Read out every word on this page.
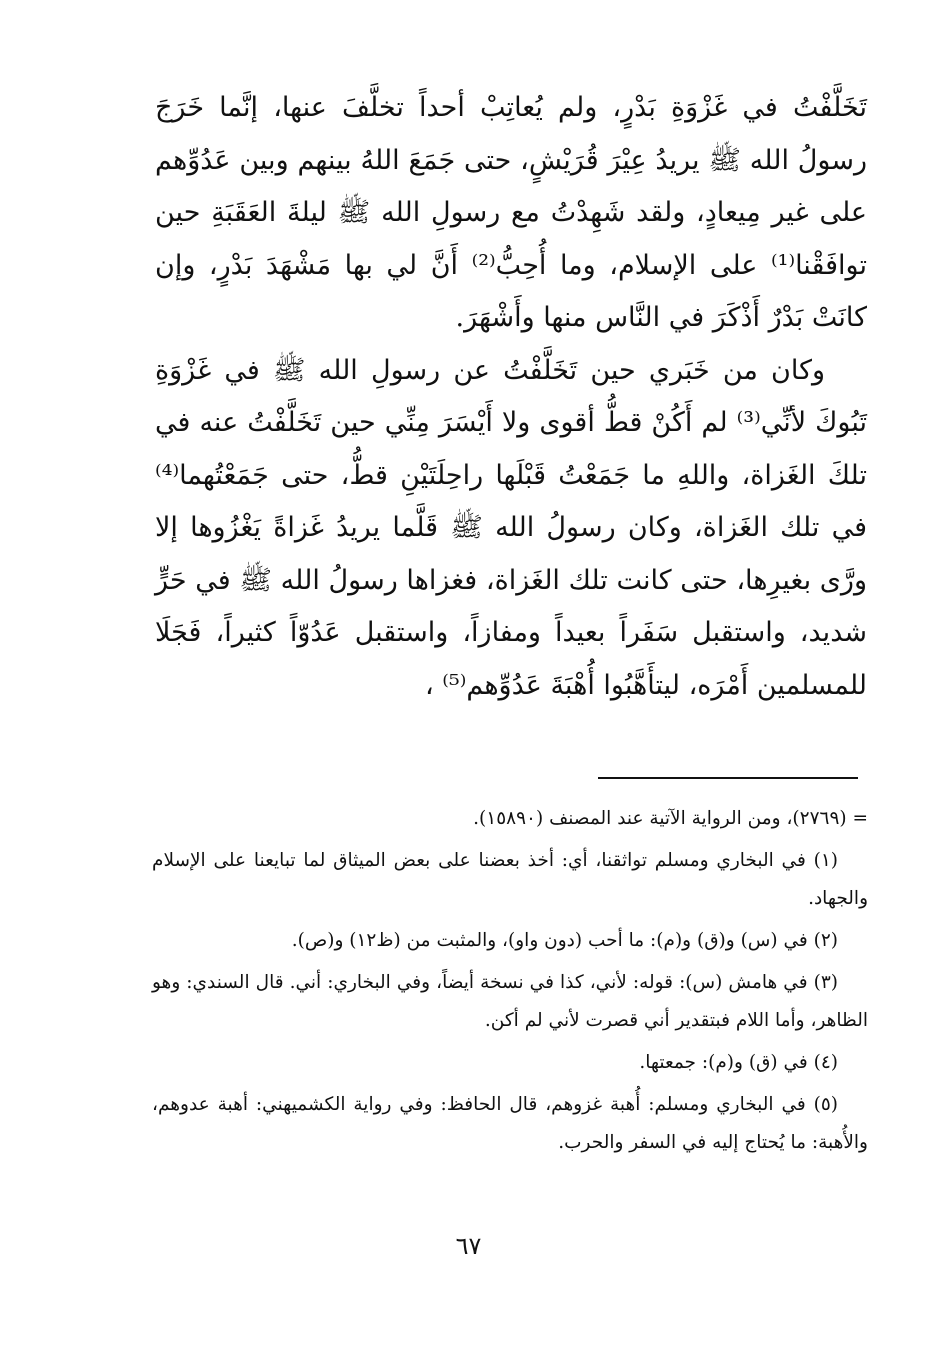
تَخَلَّفْتُ في غَزْوَةِ بَدْرٍ، ولم يُعاتِبْ أحداً تخلَّفَ عنها، إنَّما خَرَجَ رسولُ الله ﷺ يريدُ عِيْرَ قُرَيْشٍ، حتى جَمَعَ اللهُ بينهم وبين عَدُوِّهم على غير مِيعادٍ، ولقد شَهِدْتُ مع رسولِ الله ﷺ ليلةَ العَقَبَةِ حين توافَقْنا⁽¹⁾ على الإسلام، وما أُحِبُّ⁽²⁾ أَنَّ لي بها مَشْهَدَ بَدْرٍ، وإن كانَتْ بَدْرٌ أَذْكَرَ في النَّاس منها وأَشْهَرَ.

وكان من خَبَري حين تَخَلَّفْتُ عن رسولِ الله ﷺ في غَزْوَةِ تَبُوكَ لأنِّي⁽³⁾ لم أَكُنْ قطُّ أقوى ولا أَيْسَرَ مِنِّي حين تَخَلَّفْتُ عنه في تلكَ الغَزاة، واللهِ ما جَمَعْتُ قَبْلَها راحِلَتَيْنِ قطُّ، حتى جَمَعْتُهما⁽⁴⁾ في تلك الغَزاة، وكان رسولُ الله ﷺ قَلَّما يريدُ غَزاةً يَغْزُوها إلا ورَّى بغيرِها، حتى كانت تلك الغَزاة، فغزاها رسولُ الله ﷺ في حَرٍّ شديد، واستقبل سَفَراً بعيداً ومفازاً، واستقبل عَدُوّاً كثيراً، فَجَلَا للمسلمين أَمْرَه، ليتأَهَّبُوا أُهْبَةَ عَدُوِّهم⁽⁵⁾ ،

= (٢٧٦٩)، ومن الرواية الآتية عند المصنف (١٥٨٩٠).

(١) في البخاري ومسلم تواثقنا، أي: أخذ بعضنا على بعض الميثاق لما تبايعنا على الإسلام والجهاد.

(٢) في (س) و(ق) و(م): ما أحب (دون واو)، والمثبت من (ظ١٢) و(ص).

(٣) في هامش (س): قوله: لأني، كذا في نسخة أيضاً، وفي البخاري: أني. قال السندي: وهو الظاهر، وأما اللام فبتقدير أني قصرت لأني لم أكن.

(٤) في (ق) و(م): جمعتها.

(٥) في البخاري ومسلم: أُهبة غزوهم، قال الحافظ: وفي رواية الكشميهني: أهبة عدوهم، والأُهبة: ما يُحتاج إليه في السفر والحرب.

٦٧
